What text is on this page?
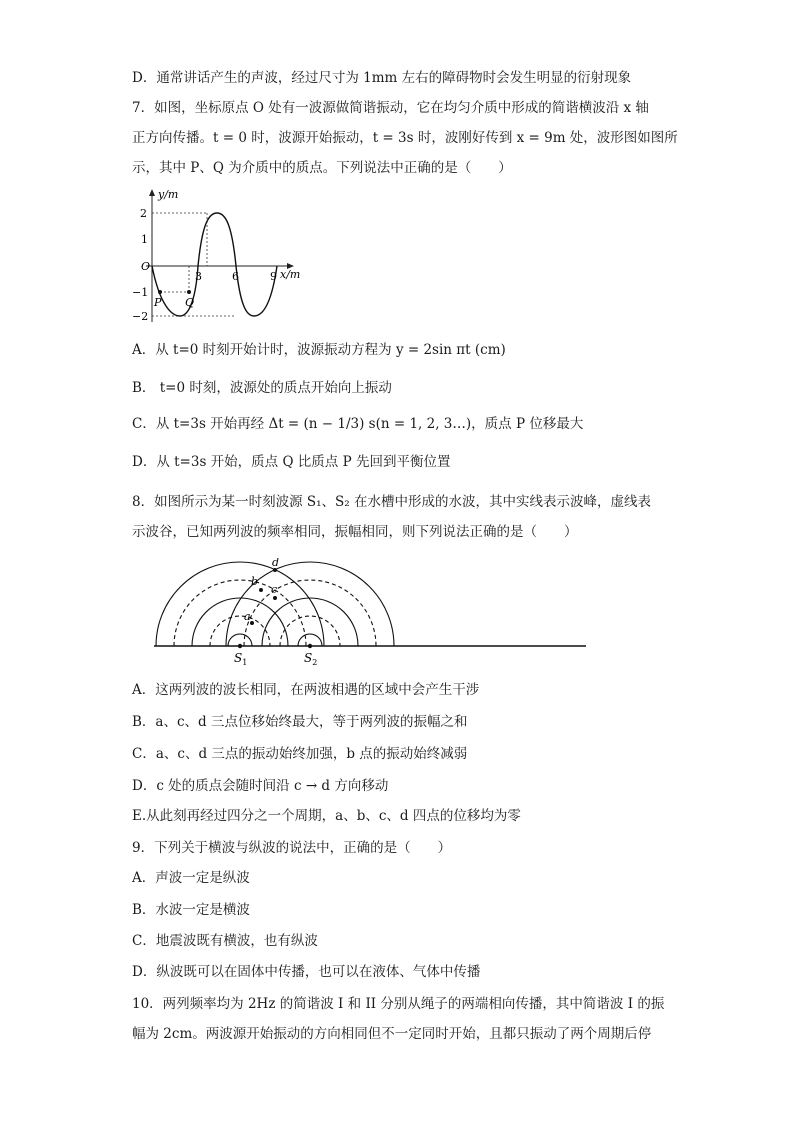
D．通常讲话产生的声波，经过尺寸为 1mm 左右的障碍物时会发生明显的衍射现象
7．如图，坐标原点 O 处有一波源做简谐振动，它在均匀介质中形成的简谐横波沿 x 轴
正方向传播。t = 0 时，波源开始振动，t = 3s 时，波刚好传到 x = 9m 处，波形图如图所
示，其中 P、Q 为介质中的质点。下列说法中正确的是（　　）
y/m
x/m
O
2
1
−1
−2
3	6	9
P Q
A．从 t=0 时刻开始计时，波源振动方程为 y = 2sin πt (cm)
B． t=0 时刻，波源处的质点开始向上振动
C．从 t=3s 开始再经 Δt = (n − 1/3) s(n = 1, 2, 3…)，质点 P 位移最大
D．从 t=3s 开始，质点 Q 比质点 P 先回到平衡位置
8．如图所示为某一时刻波源 S₁、S₂ 在水槽中形成的水波，其中实线表示波峰，虚线表
示波谷，已知两列波的频率相同，振幅相同，则下列说法正确的是（　　）
a
b
c
d
$S_1$	$S_2$
A．这两列波的波长相同，在两波相遇的区域中会产生干涉
B．a、c、d 三点位移始终最大，等于两列波的振幅之和
C．a、c、d 三点的振动始终加强，b 点的振动始终减弱
D．c 处的质点会随时间沿 c → d 方向移动
E.从此刻再经过四分之一个周期，a、b、c、d 四点的位移均为零
9．下列关于横波与纵波的说法中，正确的是（　　）
A．声波一定是纵波
B．水波一定是横波
C．地震波既有横波，也有纵波
D．纵波既可以在固体中传播，也可以在液体、气体中传播
10．两列频率均为 2Hz 的简谐波 I 和 II 分别从绳子的两端相向传播，其中简谐波 I 的振
幅为 2cm。两波源开始振动的方向相同但不一定同时开始，且都只振动了两个周期后停
